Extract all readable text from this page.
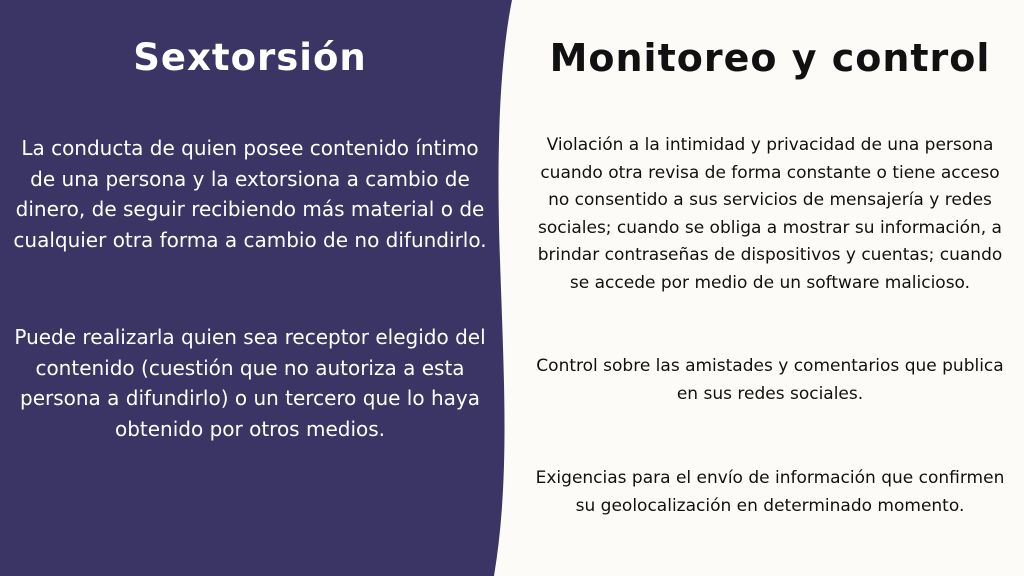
Sextorsión

La conducta de quien posee contenido íntimo de una persona y la extorsiona a cambio de dinero, de seguir recibiendo más material o de cualquier otra forma a cambio de no difundirlo.

Puede realizarla quien sea receptor elegido del contenido (cuestión que no autoriza a esta persona a difundirlo) o un tercero que lo haya obtenido por otros medios.

Monitoreo y control

Violación a la intimidad y privacidad de una persona cuando otra revisa de forma constante o tiene acceso no consentido a sus servicios de mensajería y redes sociales; cuando se obliga a mostrar su información, a brindar contraseñas de dispositivos y cuentas; cuando se accede por medio de un software malicioso.

Control sobre las amistades y comentarios que publica en sus redes sociales.

Exigencias para el envío de información que confirmen su geolocalización en determinado momento.
